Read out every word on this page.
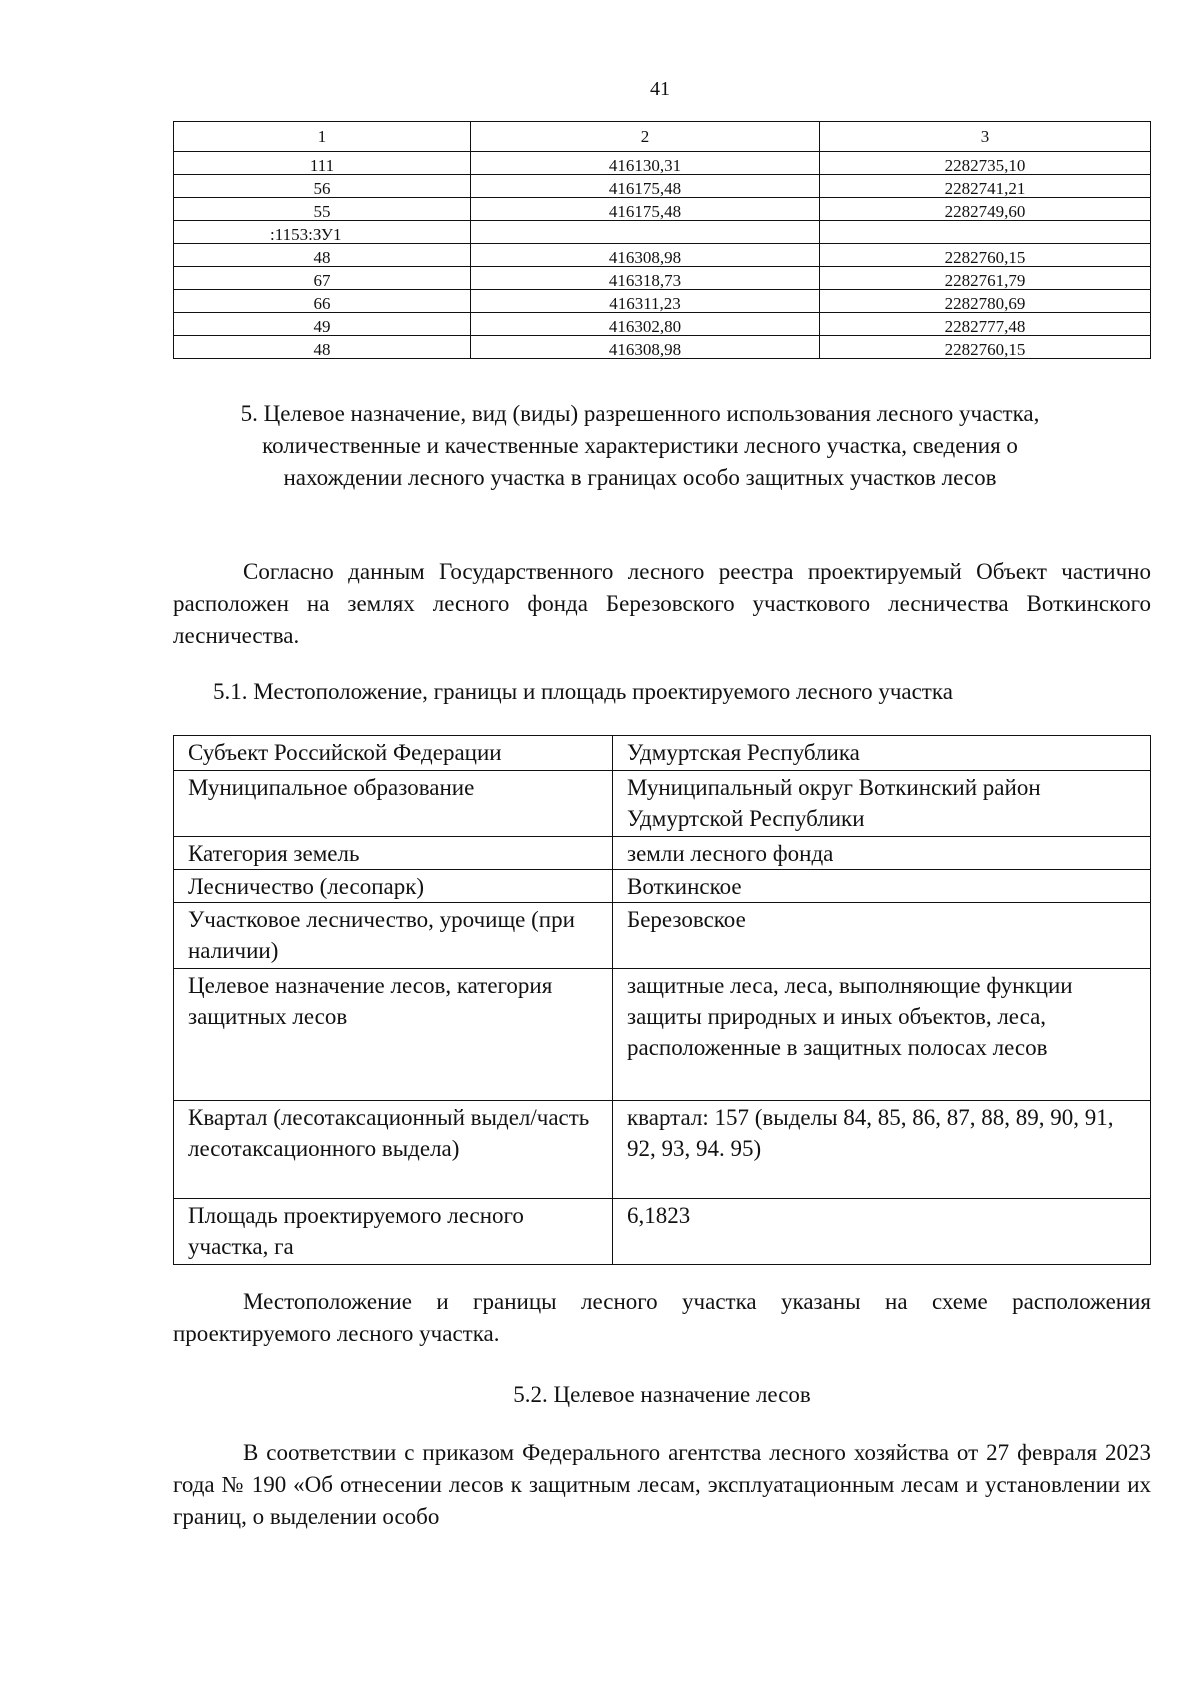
41
1	2	3
111	416130,31	2282735,10
56	416175,48	2282741,21
55	416175,48	2282749,60
:1153:ЗУ1		
48	416308,98	2282760,15
67	416318,73	2282761,79
66	416311,23	2282780,69
49	416302,80	2282777,48
48	416308,98	2282760,15
5. Целевое назначение, вид (виды) разрешенного использования лесного участка, количественные и качественные характеристики лесного участка, сведения о нахождении лесного участка в границах особо защитных участков лесов
Согласно данным Государственного лесного реестра проектируемый Объект частично расположен на землях лесного фонда Березовского участкового лесничества Воткинского лесничества.
5.1. Местоположение, границы и площадь проектируемого лесного участка
Субъект Российской Федерации	Удмуртская Республика
Муниципальное образование	Муниципальный округ Воткинский район Удмуртской Республики
Категория земель	земли лесного фонда
Лесничество (лесопарк)	Воткинское
Участковое лесничество, урочище (при наличии)	Березовское
Целевое назначение лесов, категория защитных лесов	защитные леса, леса, выполняющие функции защиты природных и иных объектов, леса, расположенные в защитных полосах лесов
Квартал (лесотаксационный выдел/часть лесотаксационного выдела)	квартал: 157 (выделы 84, 85, 86, 87, 88, 89, 90, 91, 92, 93, 94. 95)
Площадь проектируемого лесного участка, га	6,1823
Местоположение и границы лесного участка указаны на схеме расположения проектируемого лесного участка.
5.2. Целевое назначение лесов
В соответствии с приказом Федерального агентства лесного хозяйства от 27 февраля 2023 года № 190 «Об отнесении лесов к защитным лесам, эксплуатационным лесам и установлении их границ, о выделении особо
